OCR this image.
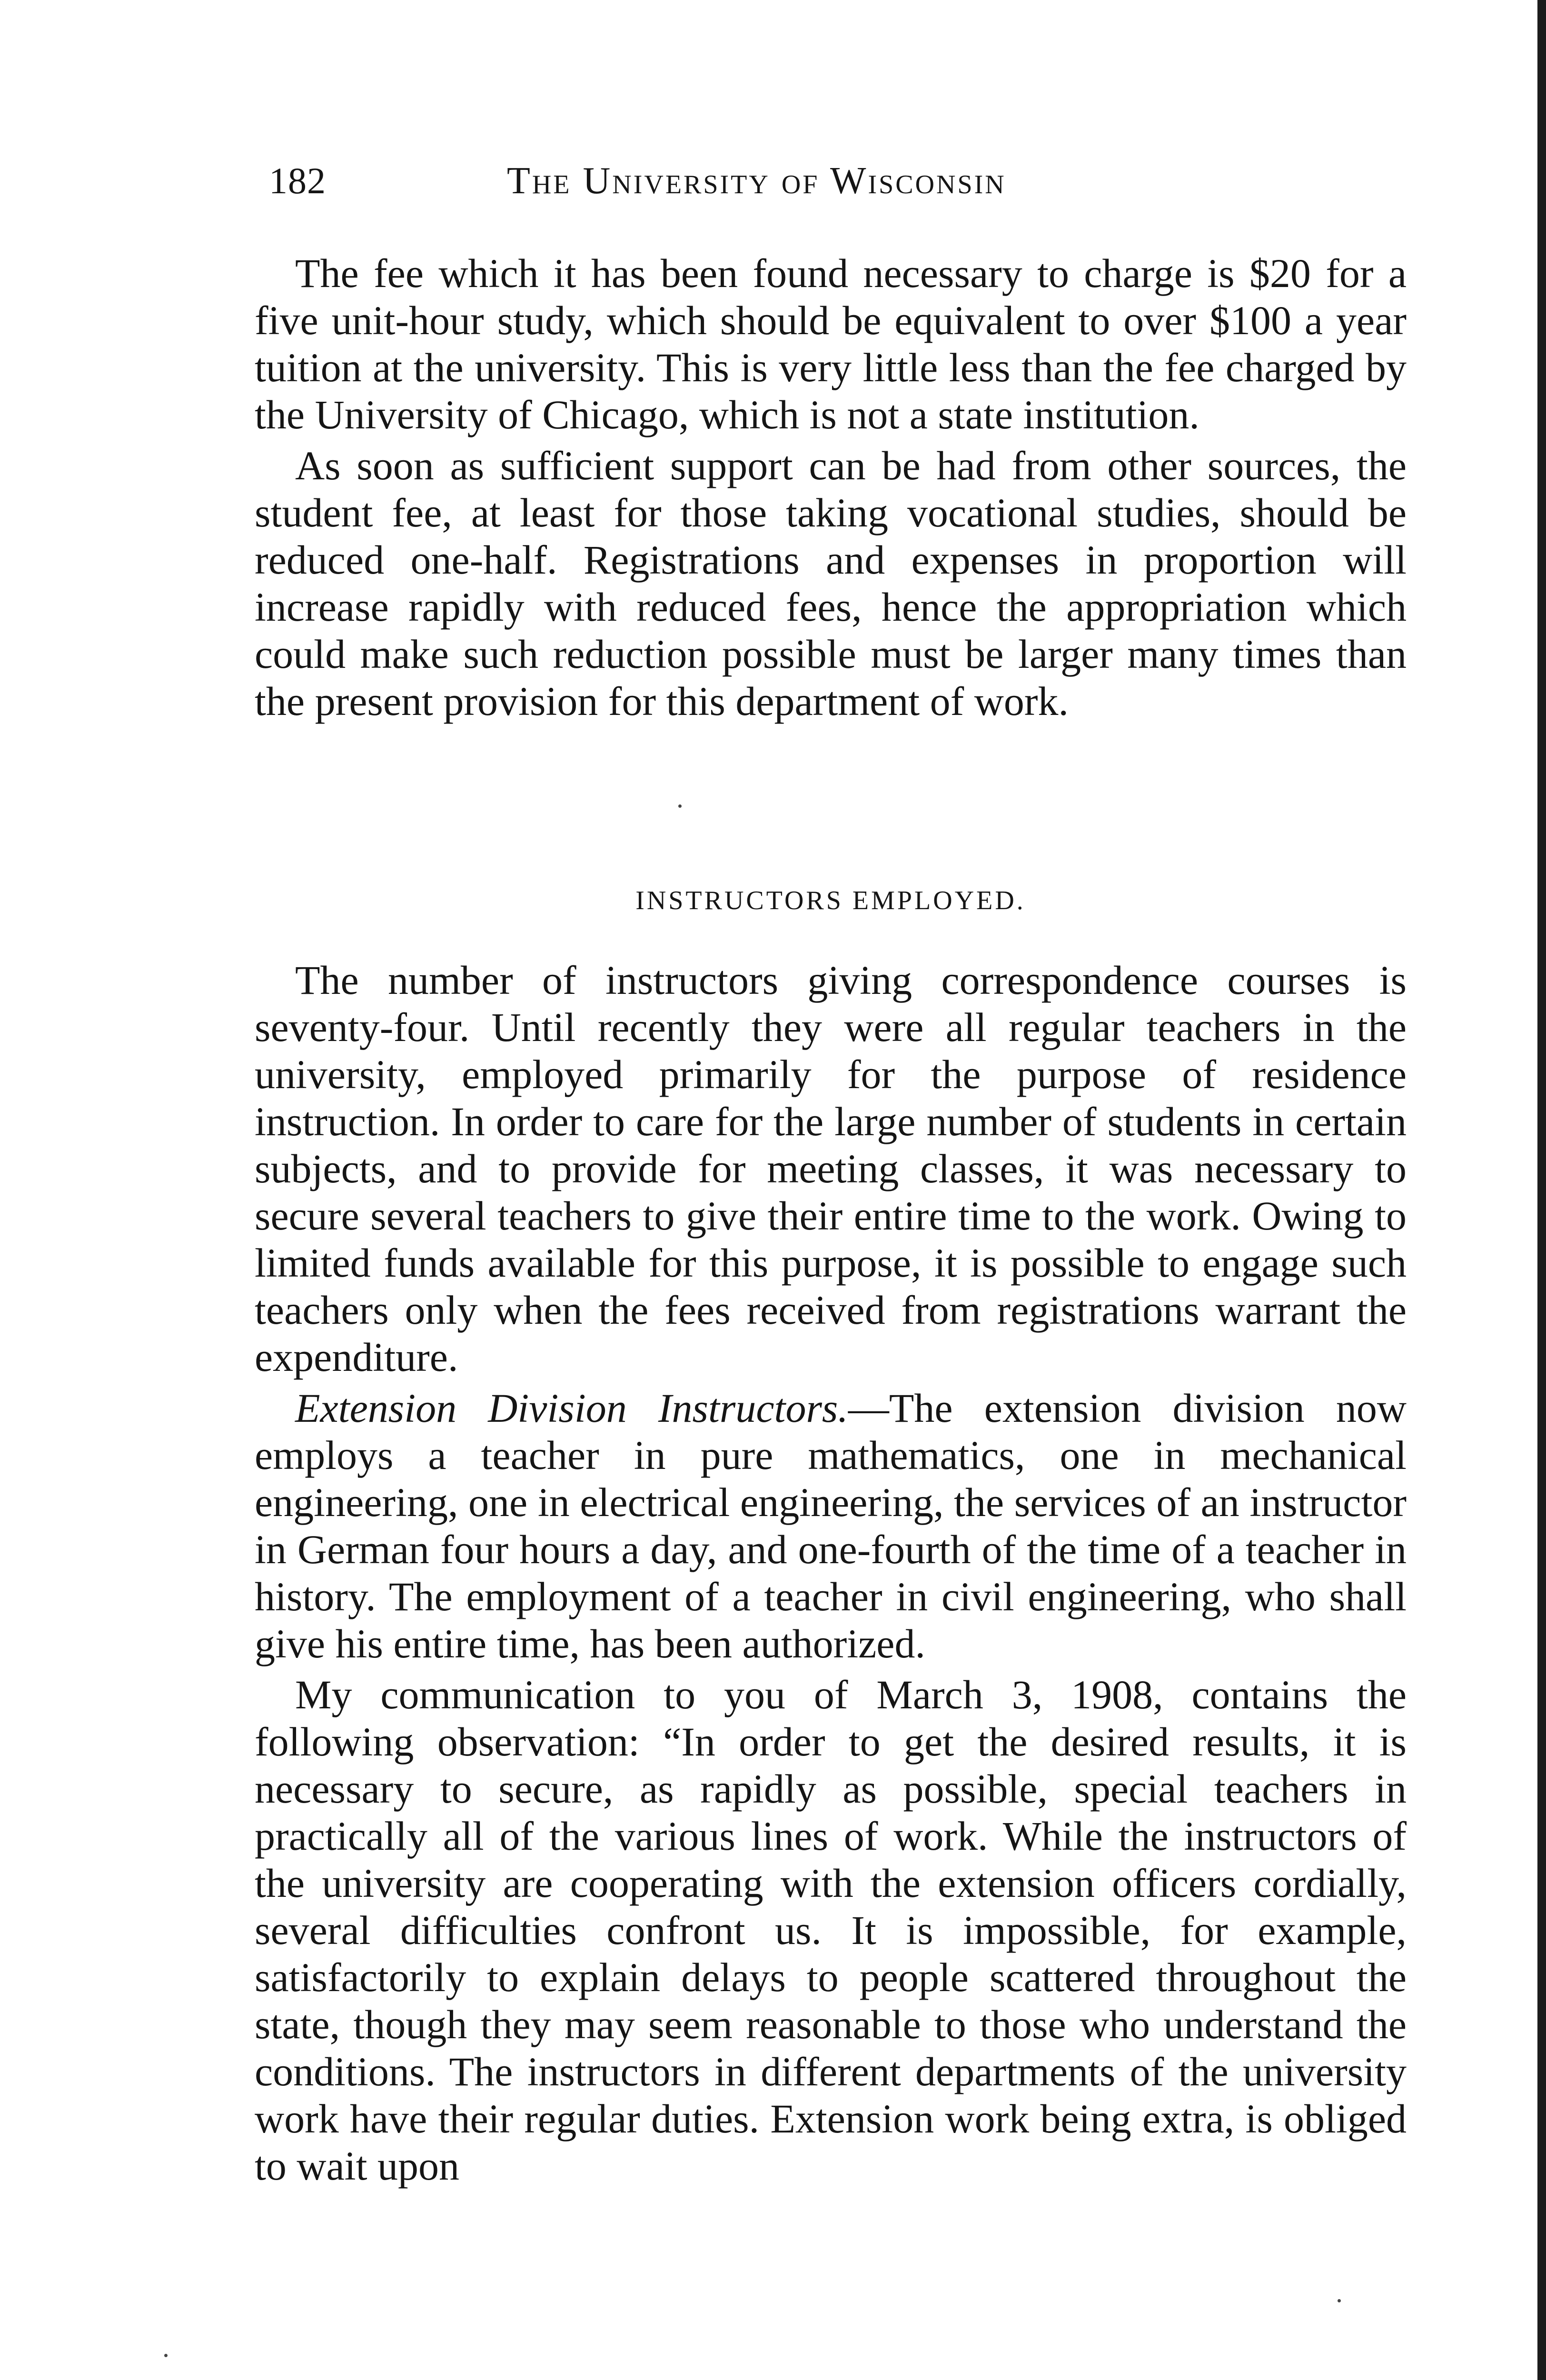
182	The University of Wisconsin

The fee which it has been found necessary to charge is $20 for a five unit-hour study, which should be equivalent to over $100 a year tuition at the university. This is very little less than the fee charged by the University of Chicago, which is not a state institution.

As soon as sufficient support can be had from other sources, the student fee, at least for those taking vocational studies, should be reduced one-half. Registrations and expenses in proportion will increase rapidly with reduced fees, hence the appropriation which could make such reduction possible must be larger many times than the present provision for this department of work.

INSTRUCTORS EMPLOYED.

The number of instructors giving correspondence courses is seventy-four. Until recently they were all regular teachers in the university, employed primarily for the purpose of residence instruction. In order to care for the large number of students in certain subjects, and to provide for meeting classes, it was necessary to secure several teachers to give their entire time to the work. Owing to limited funds available for this purpose, it is possible to engage such teachers only when the fees received from registrations warrant the expenditure.

Extension Division Instructors.—The extension division now employs a teacher in pure mathematics, one in mechanical engineering, one in electrical engineering, the services of an instructor in German four hours a day, and one-fourth of the time of a teacher in history. The employment of a teacher in civil engineering, who shall give his entire time, has been authorized.

My communication to you of March 3, 1908, contains the following observation: “In order to get the desired results, it is necessary to secure, as rapidly as possible, special teachers in practically all of the various lines of work. While the instructors of the university are cooperating with the extension officers cordially, several difficulties confront us. It is impossible, for example, satisfactorily to explain delays to people scattered throughout the state, though they may seem reasonable to those who understand the conditions. The instructors in different departments of the university work have their regular duties. Extension work being extra, is obliged to wait upon
